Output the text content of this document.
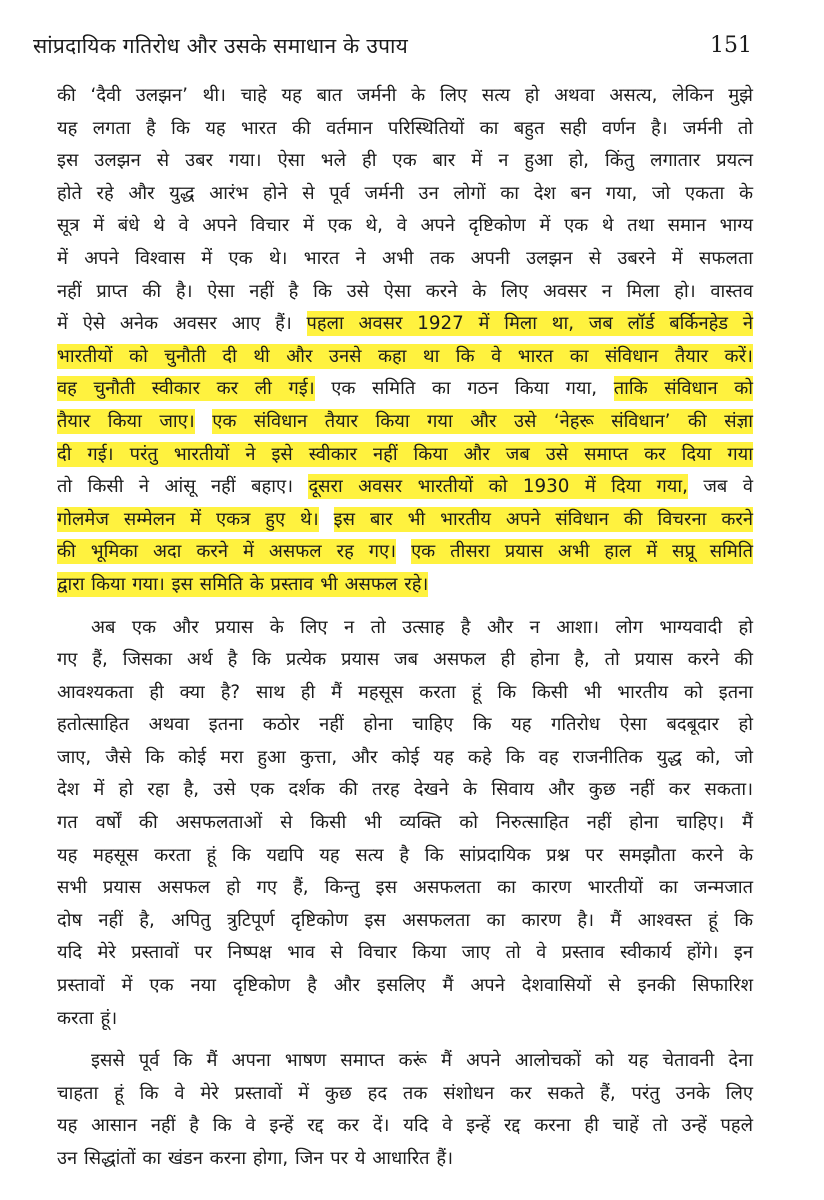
सांप्रदायिक गतिरोध और उसके समाधान के उपाय	151

की ‘दैवी उलझन’ थी। चाहे यह बात जर्मनी के लिए सत्य हो अथवा असत्य, लेकिन मुझे

यह लगता है कि यह भारत की वर्तमान परिस्थितियों का बहुत सही वर्णन है। जर्मनी तो

इस उलझन से उबर गया। ऐसा भले ही एक बार में न हुआ हो, किंतु लगातार प्रयत्न

होते रहे और युद्ध आरंभ होने से पूर्व जर्मनी उन लोगों का देश बन गया, जो एकता के

सूत्र में बंधे थे वे अपने विचार में एक थे, वे अपने दृष्टिकोण में एक थे तथा समान भाग्य

में अपने विश्वास में एक थे। भारत ने अभी तक अपनी उलझन से उबरने में सफलता

नहीं प्राप्त की है। ऐसा नहीं है कि उसे ऐसा करने के लिए अवसर न मिला हो। वास्तव

में ऐसे अनेक अवसर आए हैं। पहला अवसर 1927 में मिला था, जब लॉर्ड बर्किनहेड ने

भारतीयों को चुनौती दी थी और उनसे कहा था कि वे भारत का संविधान तैयार करें।

वह चुनौती स्वीकार कर ली गई। एक समिति का गठन किया गया, ताकि संविधान को

तैयार किया जाए। एक संविधान तैयार किया गया और उसे ‘नेहरू संविधान’ की संज्ञा

दी गई। परंतु भारतीयों ने इसे स्वीकार नहीं किया और जब उसे समाप्त कर दिया गया

तो किसी ने आंसू नहीं बहाए। दूसरा अवसर भारतीयों को 1930 में दिया गया, जब वे

गोलमेज सम्मेलन में एकत्र हुए थे। इस बार भी भारतीय अपने संविधान की विचरना करने

की भूमिका अदा करने में असफल रह गए। एक तीसरा प्रयास अभी हाल में सप्रू समिति

द्वारा किया गया। इस समिति के प्रस्ताव भी असफल रहे।

अब एक और प्रयास के लिए न तो उत्साह है और न आशा। लोग भाग्यवादी हो

गए हैं, जिसका अर्थ है कि प्रत्येक प्रयास जब असफल ही होना है, तो प्रयास करने की

आवश्यकता ही क्या है? साथ ही मैं महसूस करता हूं कि किसी भी भारतीय को इतना

हतोत्साहित अथवा इतना कठोर नहीं होना चाहिए कि यह गतिरोध ऐसा बदबूदार हो

जाए, जैसे कि कोई मरा हुआ कुत्ता, और कोई यह कहे कि वह राजनीतिक युद्ध को, जो

देश में हो रहा है, उसे एक दर्शक की तरह देखने के सिवाय और कुछ नहीं कर सकता।

गत वर्षों की असफलताओं से किसी भी व्यक्ति को निरुत्साहित नहीं होना चाहिए। मैं

यह महसूस करता हूं कि यद्यपि यह सत्य है कि सांप्रदायिक प्रश्न पर समझौता करने के

सभी प्रयास असफल हो गए हैं, किन्तु इस असफलता का कारण भारतीयों का जन्मजात

दोष नहीं है, अपितु त्रुटिपूर्ण दृष्टिकोण इस असफलता का कारण है। मैं आश्वस्त हूं कि

यदि मेरे प्रस्तावों पर निष्पक्ष भाव से विचार किया जाए तो वे प्रस्ताव स्वीकार्य होंगे। इन

प्रस्तावों में एक नया दृष्टिकोण है और इसलिए मैं अपने देशवासियों से इनकी सिफारिश

करता हूं।

इससे पूर्व कि मैं अपना भाषण समाप्त करूं मैं अपने आलोचकों को यह चेतावनी देना

चाहता हूं कि वे मेरे प्रस्तावों में कुछ हद तक संशोधन कर सकते हैं, परंतु उनके लिए

यह आसान नहीं है कि वे इन्हें रद्द कर दें। यदि वे इन्हें रद्द करना ही चाहें तो उन्हें पहले

उन सिद्धांतों का खंडन करना होगा, जिन पर ये आधारित हैं।
